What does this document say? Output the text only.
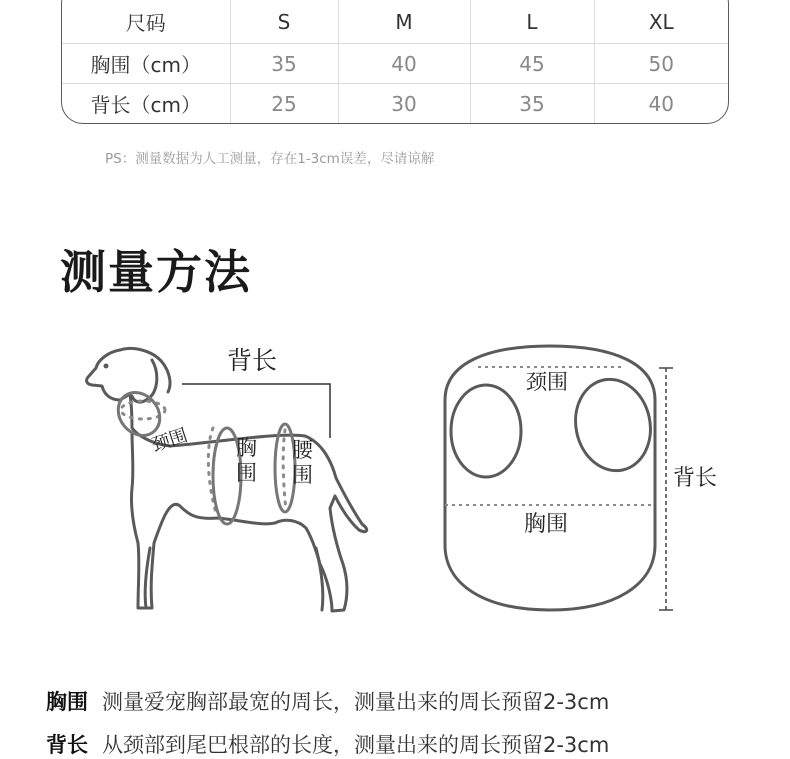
尺码	S	M	L	XL
胸围（cm）	35	40	45	50
背长（cm）	25	30	35	40
PS：测量数据为人工测量，存在1-3cm误差，尽请谅解
测量方法
背长
颈围 胸
围
腰
围
颈围
胸围
背长
胸围 测量爱宠胸部最宽的周长，测量出来的周长预留2-3cm
背长 从颈部到尾巴根部的长度，测量出来的周长预留2-3cm
